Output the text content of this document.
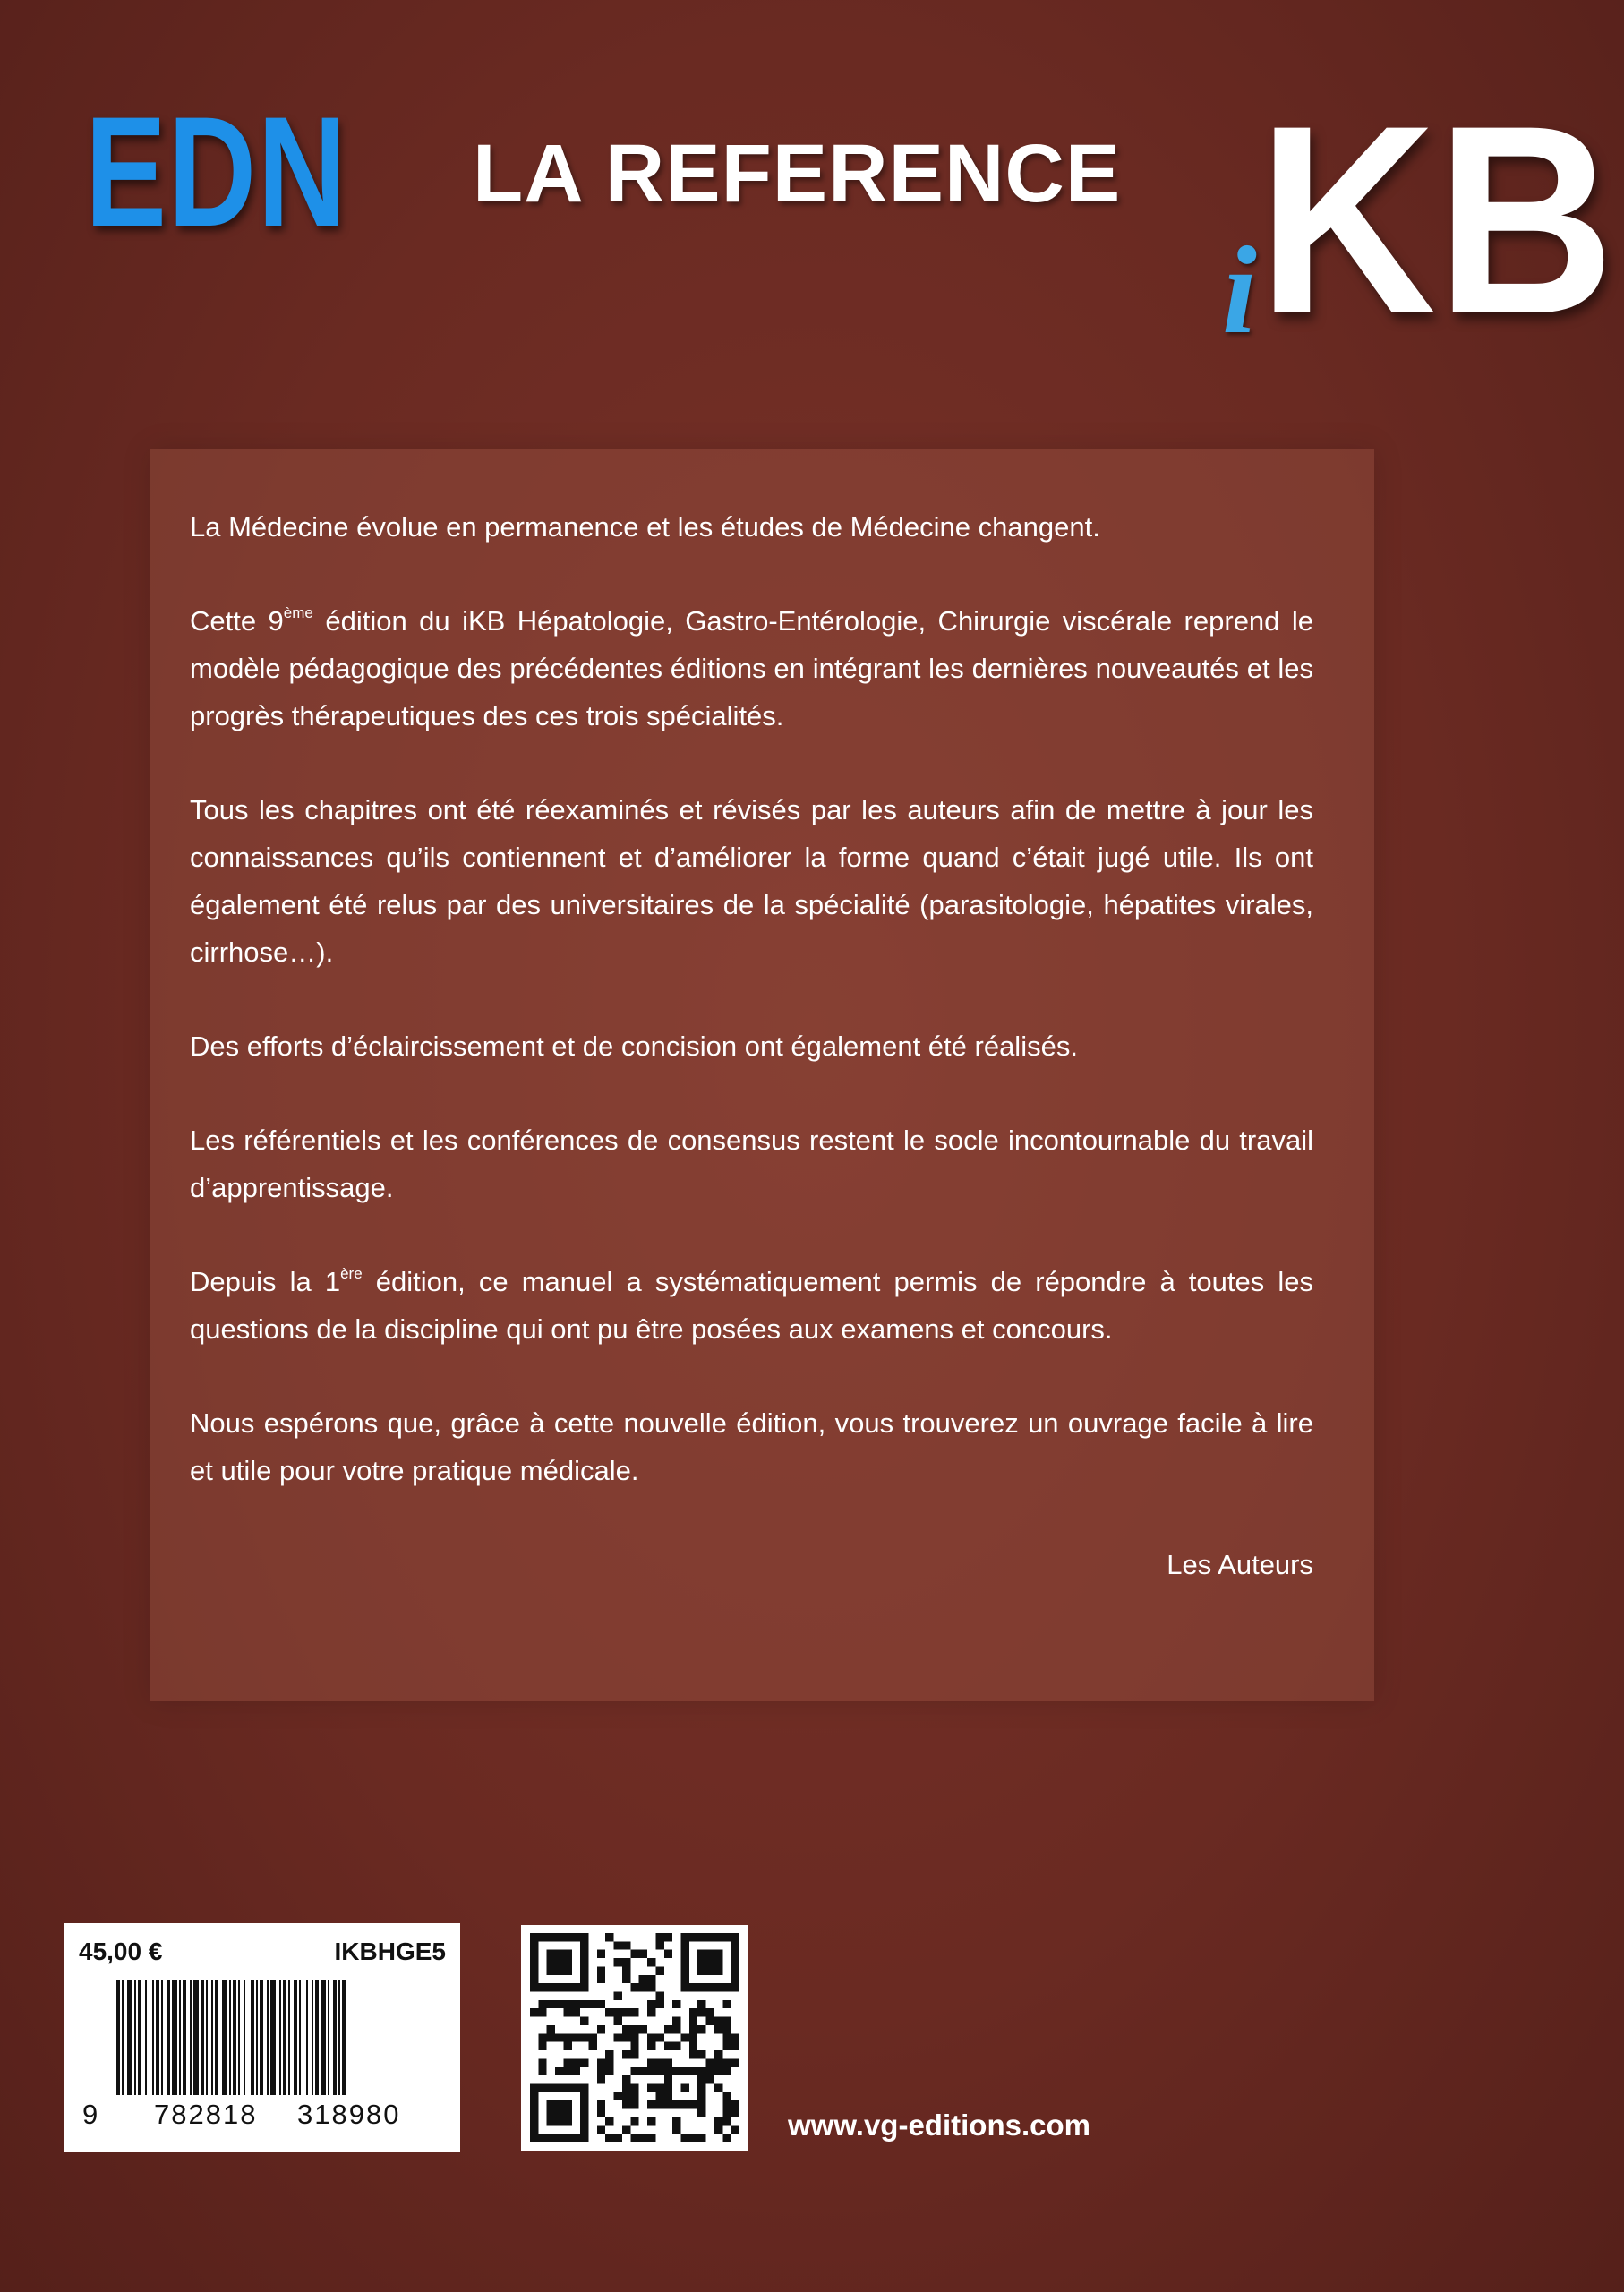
EDN LA REFERENCE KB
i

La Médecine évolue en permanence et les études de Médecine changent.

Cette 9ème édition du iKB Hépatologie, Gastro-Entérologie, Chirurgie viscérale reprend le modèle pédagogique des précédentes éditions en intégrant les dernières nouveautés et les progrès thérapeutiques des ces trois spécialités.

Tous les chapitres ont été réexaminés et révisés par les auteurs afin de mettre à jour les connaissances qu’ils contiennent et d’améliorer la forme quand c’était jugé utile. Ils ont également été relus par des universitaires de la spécialité (parasitologie, hépatites virales, cirrhose…).

Des efforts d’éclaircissement et de concision ont également été réalisés.

Les référentiels et les conférences de consensus restent le socle incontournable du travail d’apprentissage.

Depuis la 1ère édition, ce manuel a systématiquement permis de répondre à toutes les questions de la discipline qui ont pu être posées aux examens et concours.

Nous espérons que, grâce à cette nouvelle édition, vous trouverez un ouvrage facile à lire et utile pour votre pratique médicale.

Les Auteurs

45,00 €	IKBHGE5
9 782818 318980	www.vg-editions.com
